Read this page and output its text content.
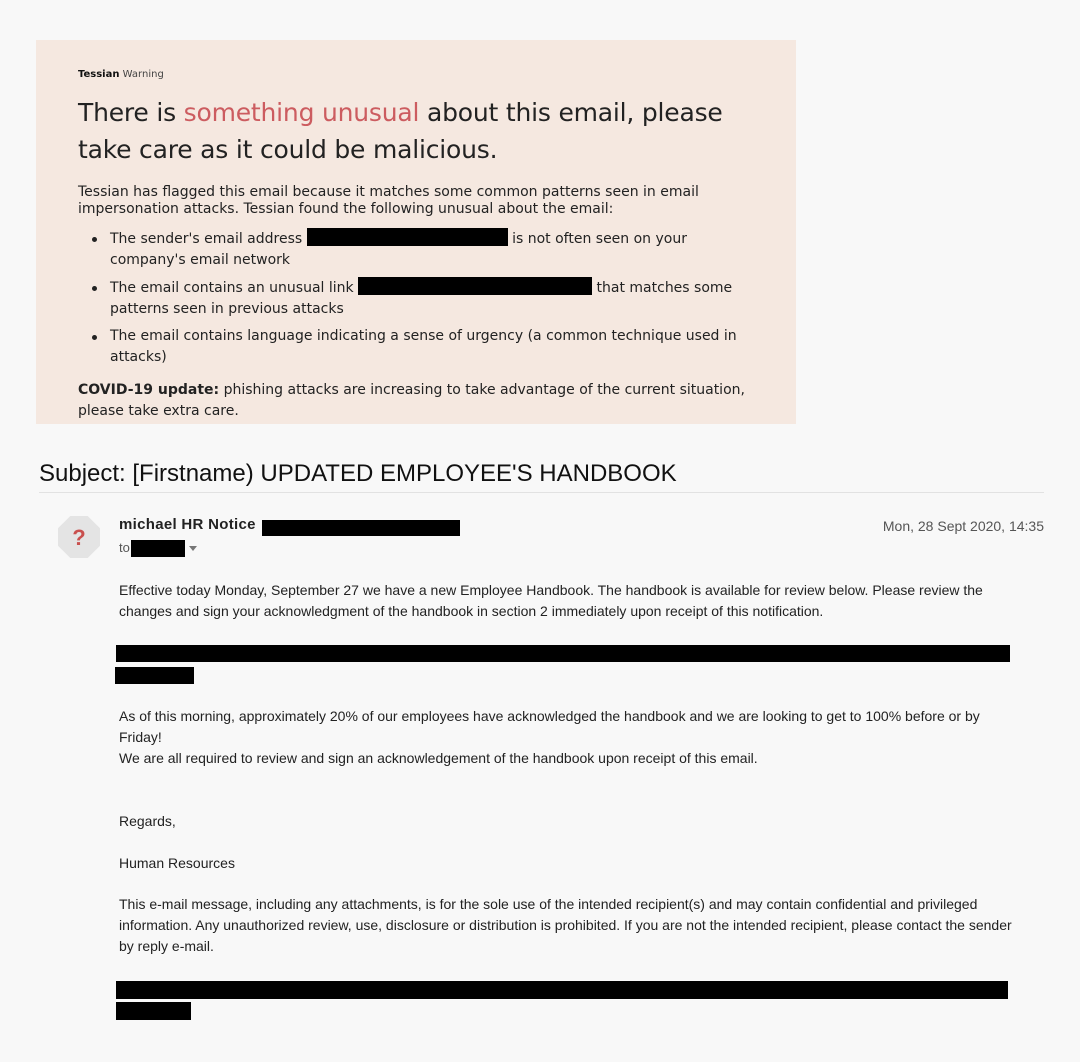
Tessian Warning
There is something unusual about this email, please take care as it could be malicious.
Tessian has flagged this email because it matches some common patterns seen in email impersonation attacks. Tessian found the following unusual about the email:
The sender's email address	is not often seen on your company's email network
The email contains an unusual link	that matches some patterns seen in previous attacks
The email contains language indicating a sense of urgency (a common technique used in attacks)
COVID-19 update: phishing attacks are increasing to take advantage of the current situation, please take extra care.
Subject: [Firstname) UPDATED EMPLOYEE'S HANDBOOK
?
michael HR Notice
to
Mon, 28 Sept 2020, 14:35
Effective today Monday, September 27 we have a new Employee Handbook. The handbook is available for review below. Please review the changes and sign your acknowledgment of the handbook in section 2 immediately upon receipt of this notification.
As of this morning, approximately 20% of our employees have acknowledged the handbook and we are looking to get to 100% before or by Friday!
We are all required to review and sign an acknowledgement of the handbook upon receipt of this email.
Regards,
Human Resources
This e-mail message, including any attachments, is for the sole use of the intended recipient(s) and may contain confidential and privileged information. Any unauthorized review, use, disclosure or distribution is prohibited. If you are not the intended recipient, please contact the sender by reply e-mail.
